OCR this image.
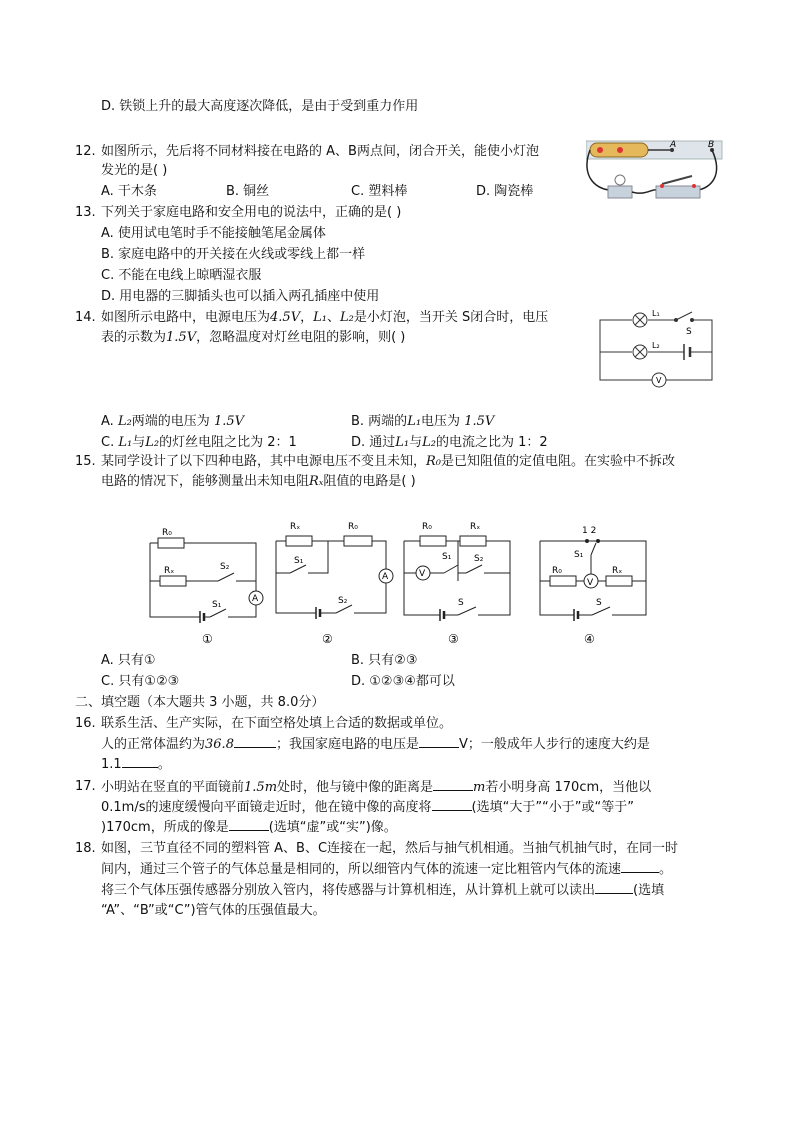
D. 铁锁上升的最大高度逐次降低，是由于受到重力作用
12. 如图所示，先后将不同材料接在电路的 A、B两点间，闭合开关，能使小灯泡
发光的是( )
A. 干木条	B. 铜丝	C. 塑料棒	D. 陶瓷棒
A	B
13. 下列关于家庭电路和安全用电的说法中，正确的是( )
A. 使用试电笔时手不能接触笔尾金属体
B. 家庭电路中的开关接在火线或零线上都一样
C. 不能在电线上晾晒湿衣服
D. 用电器的三脚插头也可以插入两孔插座中使用
14. 如图所示电路中，电源电压为4.5V，L₁、L₂是小灯泡，当开关 S闭合时，电压
表的示数为1.5V，忽略温度对灯丝电阻的影响，则( )
L₁
L₂
S
V
A. L₂两端的电压为 1.5V	B. 两端的L₁电压为 1.5V
C. L₁与L₂的灯丝电阻之比为 2：1	D. 通过L₁与L₂的电流之比为 1：2
15. 某同学设计了以下四种电路，其中电源电压不变且未知，R₀是已知阻值的定值电阻。在实验中不拆改
电路的情况下，能够测量出未知电阻Rₓ阻值的电路是( )
R₀
Rₓ	S₂
S₁
A
Rₓ	R₀
S₁
S₂
A
R₀	Rₓ
S₁	S₂
V
S
1 2
S₁
R₀	Rₓ
V
S
①	②	③	④
A. 只有①	B. 只有②③
C. 只有①②③	D. ①②③④都可以
二、填空题（本大题共 3 小题，共 8.0分）
16. 联系生活、生产实际，在下面空格处填上合适的数据或单位。
人的正常体温约为36.8	；我国家庭电路的电压是	V；一般成年人步行的速度大约是
1.1	。
17. 小明站在竖直的平面镜前1.5m处时，他与镜中像的距离是	m若小明身高 170cm，当他以
0.1m/s的速度缓慢向平面镜走近时，他在镜中像的高度将	(选填“大于”“小于”或“等于”
)170cm，所成的像是	(选填“虚”或“实”)像。
18. 如图，三节直径不同的塑料管 A、B、C连接在一起，然后与抽气机相通。当抽气机抽气时，在同一时
间内，通过三个管子的气体总量是相同的，所以细管内气体的流速一定比粗管内气体的流速	。
将三个气体压强传感器分别放入管内，将传感器与计算机相连，从计算机上就可以读出	(选填
“A”、“B”或“C”)管气体的压强值最大。
